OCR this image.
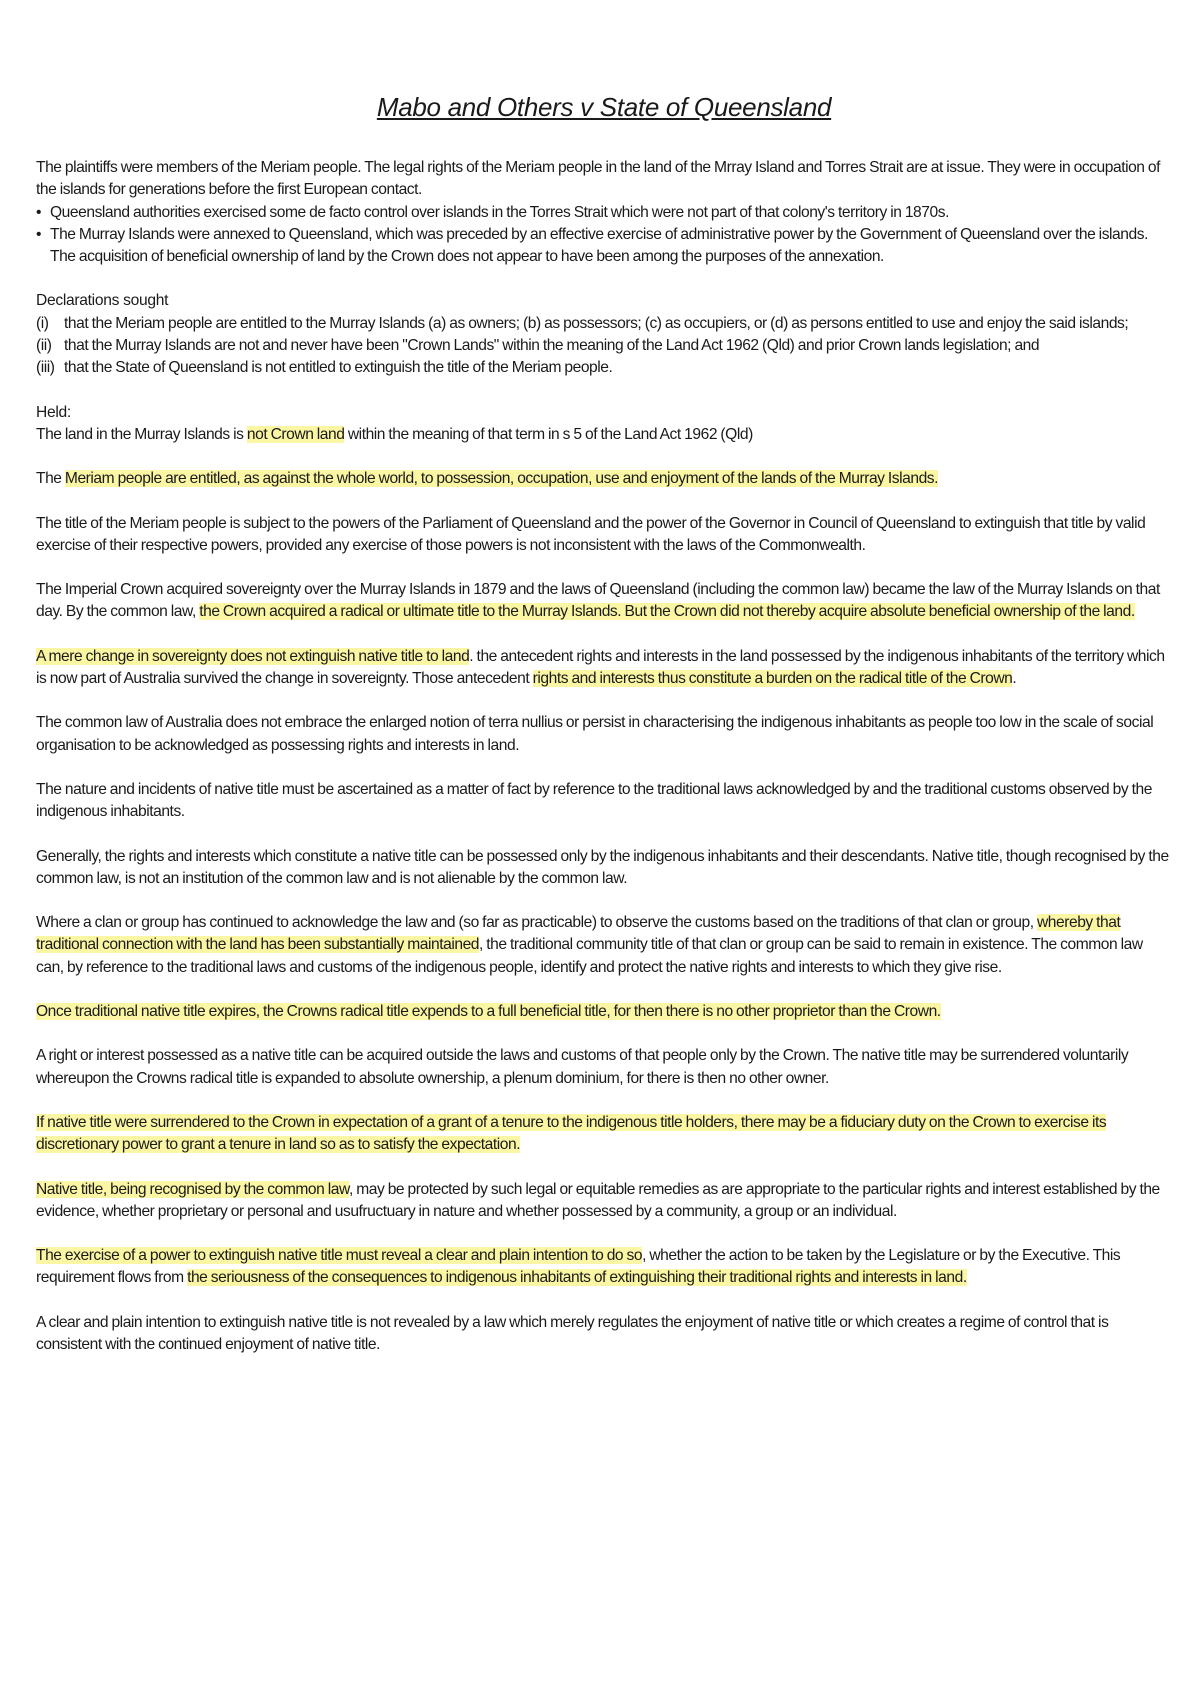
Mabo and Others v State of Queensland

The plaintiffs were members of the Meriam people. The legal rights of the Meriam people in the land of the Mrray Island and Torres Strait are at issue. They were in occupation of the islands for generations before the first European contact.

• Queensland authorities exercised some de facto control over islands in the Torres Strait which were not part of that colony's territory in 1870s.
• The Murray Islands were annexed to Queensland, which was preceded by an effective exercise of administrative power by the Government of Queensland over the islands. The acquisition of beneficial ownership of land by the Crown does not appear to have been among the purposes of the annexation.

Declarations sought

(i) that the Meriam people are entitled to the Murray Islands (a) as owners; (b) as possessors; (c) as occupiers, or (d) as persons entitled to use and enjoy the said islands;
(ii) that the Murray Islands are not and never have been "Crown Lands" within the meaning of the Land Act 1962 (Qld) and prior Crown lands legislation; and
(iii) that the State of Queensland is not entitled to extinguish the title of the Meriam people.

Held:

The land in the Murray Islands is not Crown land within the meaning of that term in s 5 of the Land Act 1962 (Qld)

The Meriam people are entitled, as against the whole world, to possession, occupation, use and enjoyment of the lands of the Murray Islands.

The title of the Meriam people is subject to the powers of the Parliament of Queensland and the power of the Governor in Council of Queensland to extinguish that title by valid exercise of their respective powers, provided any exercise of those powers is not inconsistent with the laws of the Commonwealth.

The Imperial Crown acquired sovereignty over the Murray Islands in 1879 and the laws of Queensland (including the common law) became the law of the Murray Islands on that day. By the common law, the Crown acquired a radical or ultimate title to the Murray Islands. But the Crown did not thereby acquire absolute beneficial ownership of the land.

A mere change in sovereignty does not extinguish native title to land. the antecedent rights and interests in the land possessed by the indigenous inhabitants of the territory which is now part of Australia survived the change in sovereignty. Those antecedent rights and interests thus constitute a burden on the radical title of the Crown.

The common law of Australia does not embrace the enlarged notion of terra nullius or persist in characterising the indigenous inhabitants as people too low in the scale of social organisation to be acknowledged as possessing rights and interests in land.

The nature and incidents of native title must be ascertained as a matter of fact by reference to the traditional laws acknowledged by and the traditional customs observed by the indigenous inhabitants.

Generally, the rights and interests which constitute a native title can be possessed only by the indigenous inhabitants and their descendants. Native title, though recognised by the common law, is not an institution of the common law and is not alienable by the common law.

Where a clan or group has continued to acknowledge the law and (so far as practicable) to observe the customs based on the traditions of that clan or group, whereby that traditional connection with the land has been substantially maintained, the traditional community title of that clan or group can be said to remain in existence. The common law can, by reference to the traditional laws and customs of the indigenous people, identify and protect the native rights and interests to which they give rise.

Once traditional native title expires, the Crowns radical title expends to a full beneficial title, for then there is no other proprietor than the Crown.

A right or interest possessed as a native title can be acquired outside the laws and customs of that people only by the Crown. The native title may be surrendered voluntarily whereupon the Crowns radical title is expanded to absolute ownership, a plenum dominium, for there is then no other owner.

If native title were surrendered to the Crown in expectation of a grant of a tenure to the indigenous title holders, there may be a fiduciary duty on the Crown to exercise its discretionary power to grant a tenure in land so as to satisfy the expectation.

Native title, being recognised by the common law, may be protected by such legal or equitable remedies as are appropriate to the particular rights and interest established by the evidence, whether proprietary or personal and usufructuary in nature and whether possessed by a community, a group or an individual.

The exercise of a power to extinguish native title must reveal a clear and plain intention to do so, whether the action to be taken by the Legislature or by the Executive. This requirement flows from the seriousness of the consequences to indigenous inhabitants of extinguishing their traditional rights and interests in land.

A clear and plain intention to extinguish native title is not revealed by a law which merely regulates the enjoyment of native title or which creates a regime of control that is consistent with the continued enjoyment of native title.
